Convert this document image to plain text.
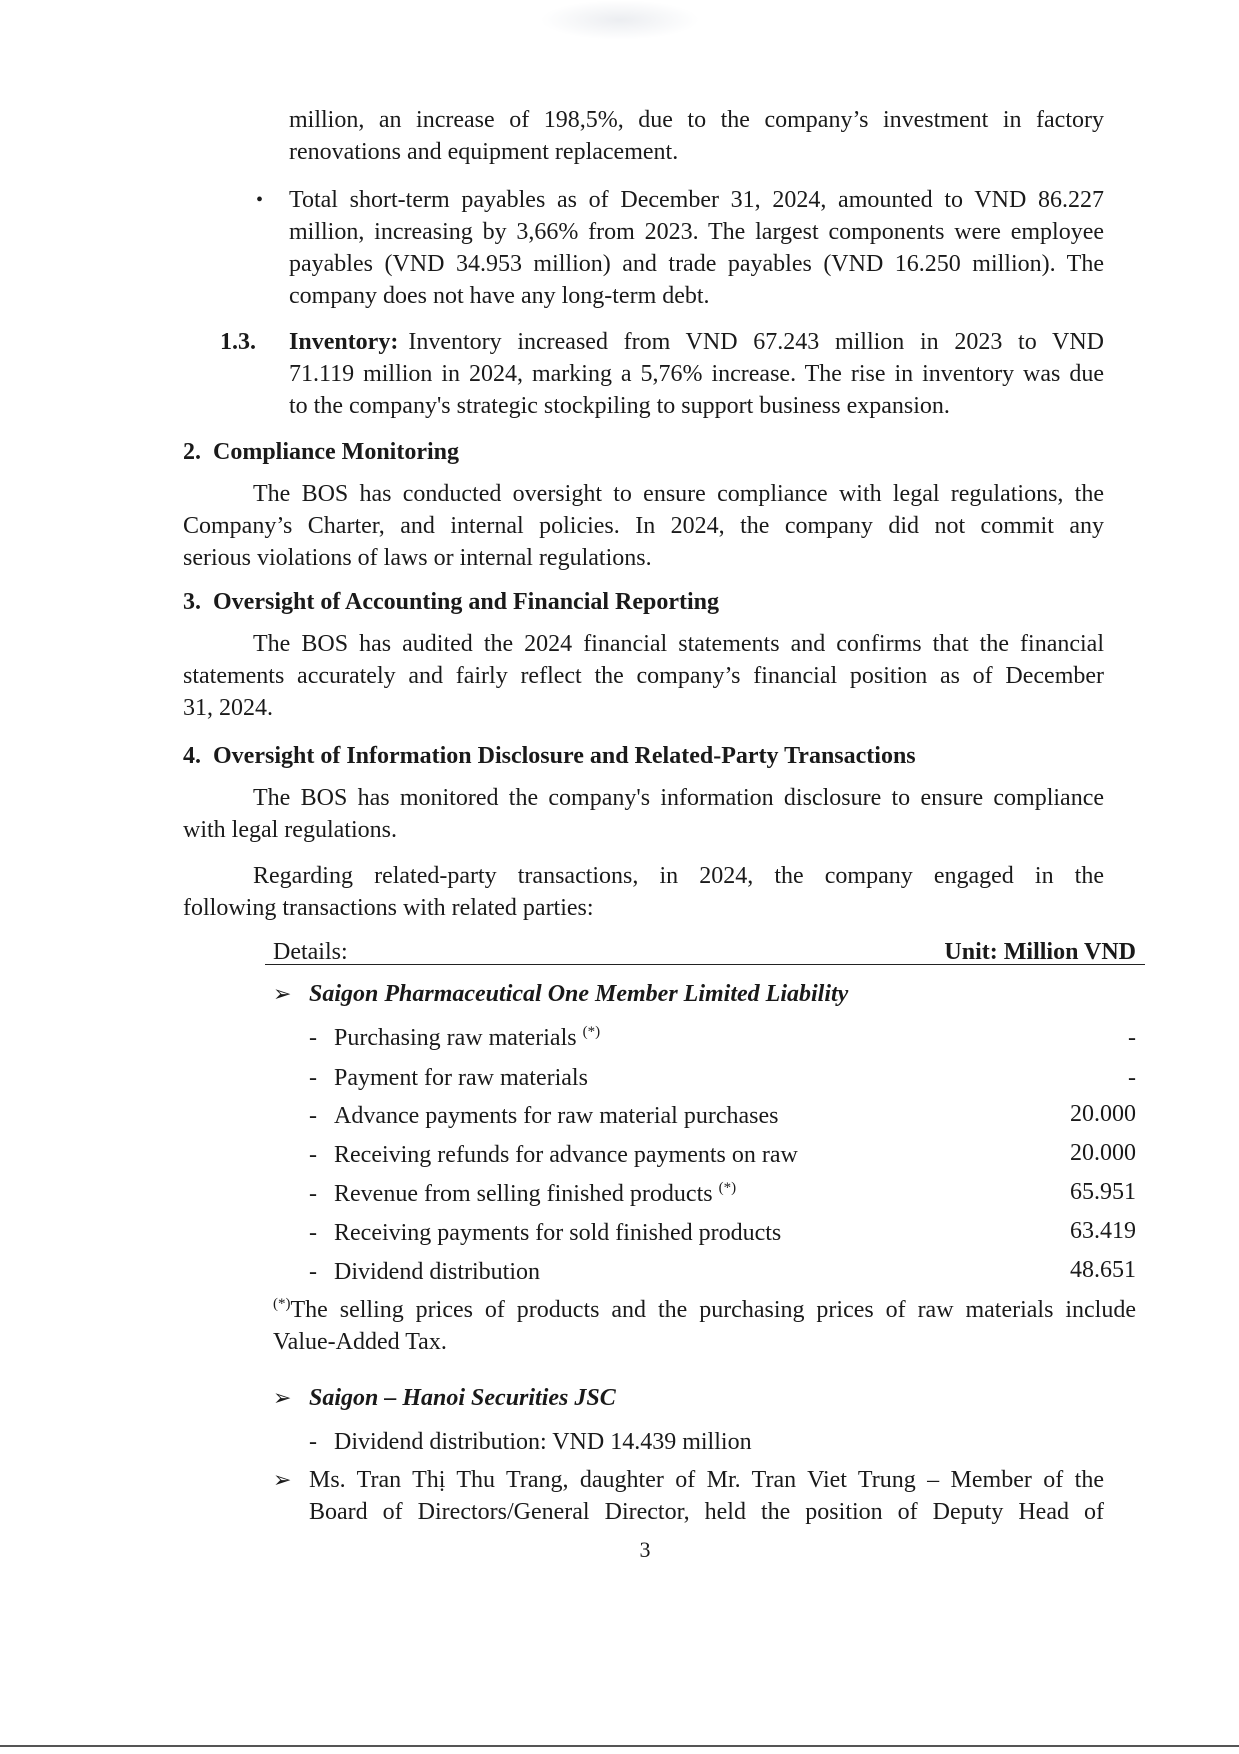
million, an increase of 198,5%, due to the company’s investment in factory
renovations and equipment replacement.
• Total short-term payables as of December 31, 2024, amounted to VND 86.227
million, increasing by 3,66% from 2023. The largest components were employee
payables (VND 34.953 million) and trade payables (VND 16.250 million). The
company does not have any long-term debt.
1.3. Inventory: Inventory increased from VND 67.243 million in 2023 to VND
71.119 million in 2024, marking a 5,76% increase. The rise in inventory was due
to the company's strategic stockpiling to support business expansion.
2.  Compliance Monitoring
The BOS has conducted oversight to ensure compliance with legal regulations, the
Company’s Charter, and internal policies. In 2024, the company did not commit any
serious violations of laws or internal regulations.
3.  Oversight of Accounting and Financial Reporting
The BOS has audited the 2024 financial statements and confirms that the financial
statements accurately and fairly reflect the company’s financial position as of December
31, 2024.
4.  Oversight of Information Disclosure and Related-Party Transactions
The BOS has monitored the company's information disclosure to ensure compliance
with legal regulations.
Regarding related-party transactions, in 2024, the company engaged in the
following transactions with related parties:
Details:	Unit: Million VND
➢ Saigon Pharmaceutical One Member Limited Liability
- Purchasing raw materials (*)	-
- Payment for raw materials	-
- Advance payments for raw material purchases	20.000
- Receiving refunds for advance payments on raw	20.000
- Revenue from selling finished products (*)	65.951
- Receiving payments for sold finished products	63.419
- Dividend distribution	48.651
(*)The selling prices of products and the purchasing prices of raw materials include
Value-Added Tax.
➢ Saigon – Hanoi Securities JSC
- Dividend distribution: VND 14.439 million
➢ Ms. Tran Thị Thu Trang, daughter of Mr. Tran Viet Trung – Member of the
Board of Directors/General Director, held the position of Deputy Head of
3
